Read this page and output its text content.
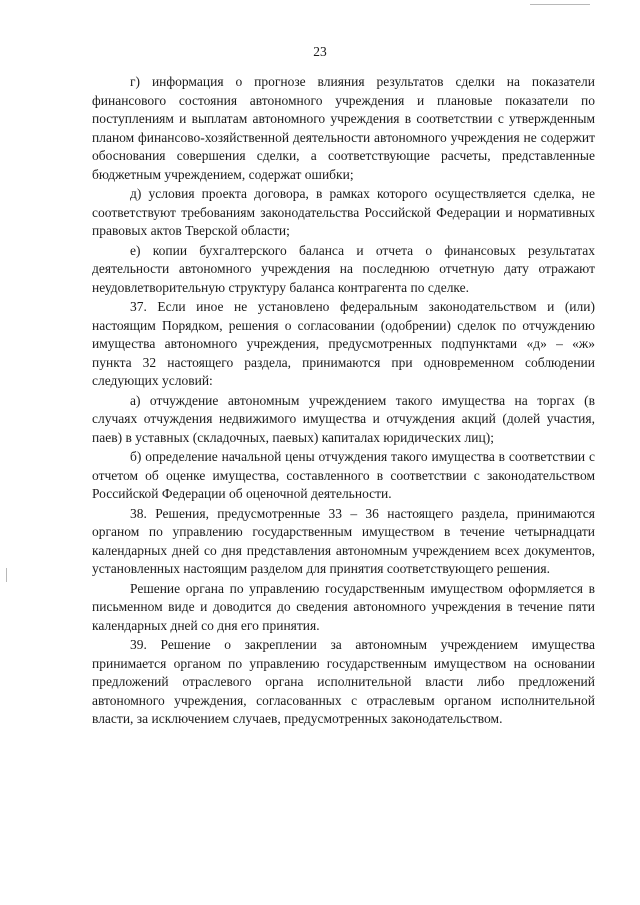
23

г) информация о прогнозе влияния результатов сделки на показатели финансового состояния автономного учреждения и плановые показатели по поступлениям и выплатам автономного учреждения в соответствии с утвержденным планом финансово-хозяйственной деятельности автономного учреждения не содержит обоснования совершения сделки, а соответствующие расчеты, представленные бюджетным учреждением, содержат ошибки;

д) условия проекта договора, в рамках которого осуществляется сделка, не соответствуют требованиям законодательства Российской Федерации и нормативных правовых актов Тверской области;

е) копии бухгалтерского баланса и отчета о финансовых результатах деятельности автономного учреждения на последнюю отчетную дату отражают неудовлетворительную структуру баланса контрагента по сделке.

37. Если иное не установлено федеральным законодательством и (или) настоящим Порядком, решения о согласовании (одобрении) сделок по отчуждению имущества автономного учреждения, предусмотренных подпунктами «д» – «ж» пункта 32 настоящего раздела, принимаются при одновременном соблюдении следующих условий:

а) отчуждение автономным учреждением такого имущества на торгах (в случаях отчуждения недвижимого имущества и отчуждения акций (долей участия, паев) в уставных (складочных, паевых) капиталах юридических лиц);

б) определение начальной цены отчуждения такого имущества в соответствии с отчетом об оценке имущества, составленного в соответствии с законодательством Российской Федерации об оценочной деятельности.

38. Решения, предусмотренные 33 – 36 настоящего раздела, принимаются органом по управлению государственным имуществом в течение четырнадцати календарных дней со дня представления автономным учреждением всех документов, установленных настоящим разделом для принятия соответствующего решения.

Решение органа по управлению государственным имуществом оформляется в письменном виде и доводится до сведения автономного учреждения в течение пяти календарных дней со дня его принятия.

39. Решение о закреплении за автономным учреждением имущества принимается органом по управлению государственным имуществом на основании предложений отраслевого органа исполнительной власти либо предложений автономного учреждения, согласованных с отраслевым органом исполнительной власти, за исключением случаев, предусмотренных законодательством.
